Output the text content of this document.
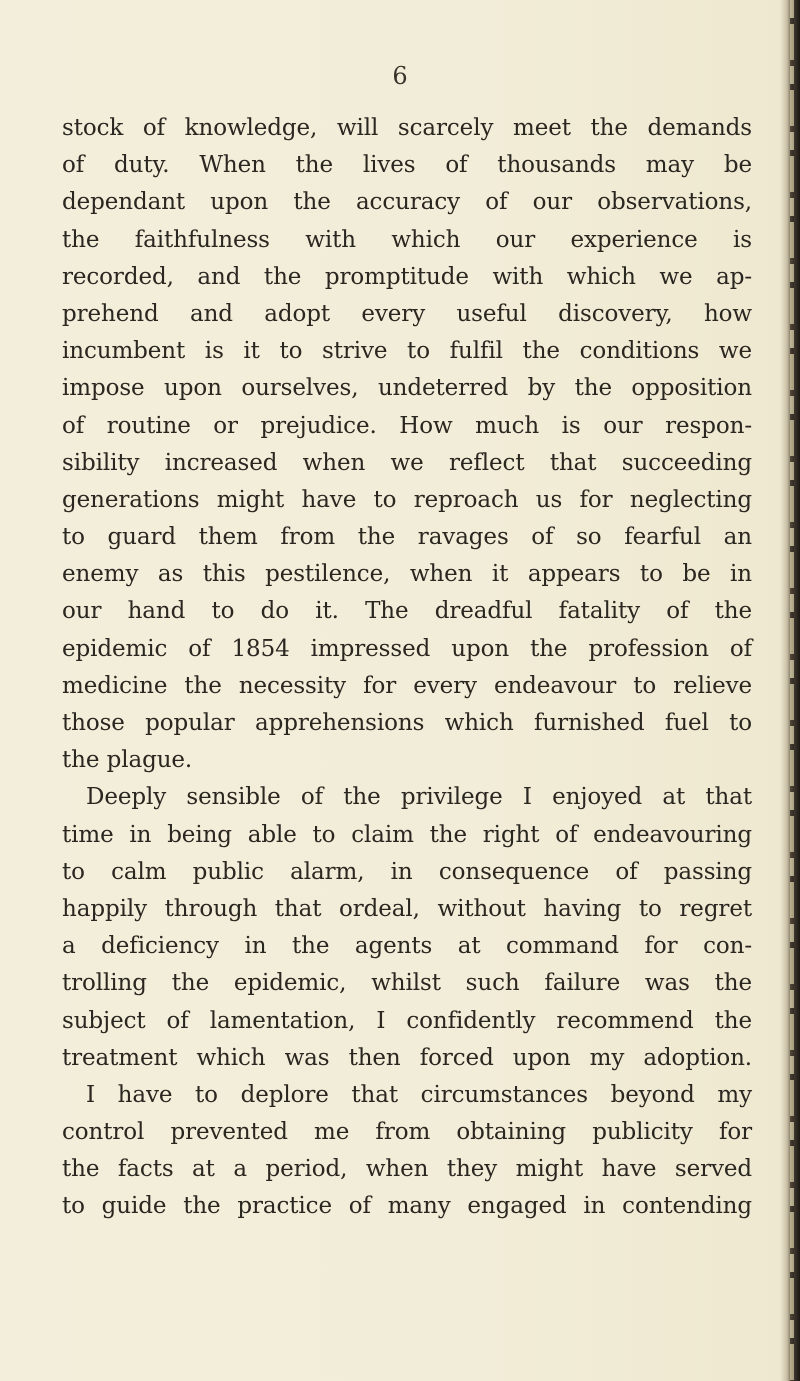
6
stock of knowledge, will scarcely meet the demands
of duty. When the lives of thousands may be
dependant upon the accuracy of our observations,
the faithfulness with which our experience is
recorded, and the promptitude with which we ap-
prehend and adopt every useful discovery, how
incumbent is it to strive to fulfil the conditions we
impose upon ourselves, undeterred by the opposition
of routine or prejudice. How much is our respon-
sibility increased when we reflect that succeeding
generations might have to reproach us for neglecting
to guard them from the ravages of so fearful an
enemy as this pestilence, when it appears to be in
our hand to do it. The dreadful fatality of the
epidemic of 1854 impressed upon the profession of
medicine the necessity for every endeavour to relieve
those popular apprehensions which furnished fuel to
the plague.
Deeply sensible of the privilege I enjoyed at that
time in being able to claim the right of endeavouring
to calm public alarm, in consequence of passing
happily through that ordeal, without having to regret
a deficiency in the agents at command for con-
trolling the epidemic, whilst such failure was the
subject of lamentation, I confidently recommend the
treatment which was then forced upon my adoption.
I have to deplore that circumstances beyond my
control prevented me from obtaining publicity for
the facts at a period, when they might have served
to guide the practice of many engaged in contending
